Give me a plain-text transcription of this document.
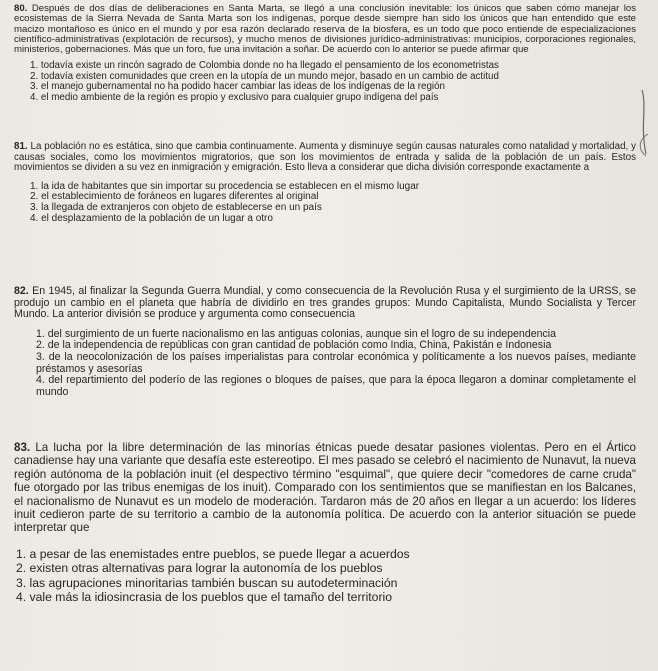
80. Después de dos días de deliberaciones en Santa Marta, se llegó a una conclusión inevitable: los únicos que saben cómo manejar los ecosistemas de la Sierra Nevada de Santa Marta son los indígenas, porque desde siempre han sido los únicos que han entendido que este macizo montañoso es único en el mundo y por esa razón declarado reserva de la biosfera, es un todo que poco entiende de especializaciones científico-administrativas (explotación de recursos), y mucho menos de divisiones jurídico-administrativas: municipios, corporaciones regionales, ministerios, gobernaciones. Más que un foro, fue una invitación a soñar. De acuerdo con lo anterior se puede afirmar que

1. todavía existe un rincón sagrado de Colombia donde no ha llegado el pensamiento de los econometristas
2. todavía existen comunidades que creen en la utopía de un mundo mejor, basado en un cambio de actitud
3. el manejo gubernamental no ha podido hacer cambiar las ideas de los indígenas de la región
4. el medio ambiente de la región es propio y exclusivo para cualquier grupo indígena del país

81. La población no es estática, sino que cambia continuamente. Aumenta y disminuye según causas naturales como natalidad y mortalidad, y causas sociales, como los movimientos migratorios, que son los movimientos de entrada y salida de la población de un país. Estos movimientos se dividen a su vez en inmigración y emigración. Esto lleva a considerar que dicha división corresponde exactamente a

1. la ida de habitantes que sin importar su procedencia se establecen en el mismo lugar
2. el establecimiento de foráneos en lugares diferentes al original
3. la llegada de extranjeros con objeto de establecerse en un país
4. el desplazamiento de la población de un lugar a otro

82. En 1945, al finalizar la Segunda Guerra Mundial, y como consecuencia de la Revolución Rusa y el surgimiento de la URSS, se produjo un cambio en el planeta que habría de dividirlo en tres grandes grupos: Mundo Capitalista, Mundo Socialista y Tercer Mundo. La anterior división se produce y argumenta como consecuencia

1. del surgimiento de un fuerte nacionalismo en las antiguas colonias, aunque sin el logro de su independencia
2. de la independencia de repúblicas con gran cantidad de población como India, China, Pakistán e Indonesia
3. de la neocolonización de los países imperialistas para controlar económica y políticamente a los nuevos países, mediante préstamos y asesorías
4. del repartimiento del poderío de las regiones o bloques de países, que para la época llegaron a dominar completamente el mundo

83. La lucha por la libre determinación de las minorías étnicas puede desatar pasiones violentas. Pero en el Ártico canadiense hay una variante que desafía este estereotipo. El mes pasado se celebró el nacimiento de Nunavut, la nueva región autónoma de la población inuit (el despectivo término "esquimal", que quiere decir "comedores de carne cruda" fue otorgado por las tribus enemigas de los inuit). Comparado con los sentimientos que se manifiestan en los Balcanes, el nacionalismo de Nunavut es un modelo de moderación. Tardaron más de 20 años en llegar a un acuerdo: los líderes inuit cedieron parte de su territorio a cambio de la autonomía política. De acuerdo con la anterior situación se puede interpretar que

1. a pesar de las enemistades entre pueblos, se puede llegar a acuerdos
2. existen otras alternativas para lograr la autonomía de los pueblos
3. las agrupaciones minoritarias también buscan su autodeterminación
4. vale más la idiosincrasia de los pueblos que el tamaño del territorio
